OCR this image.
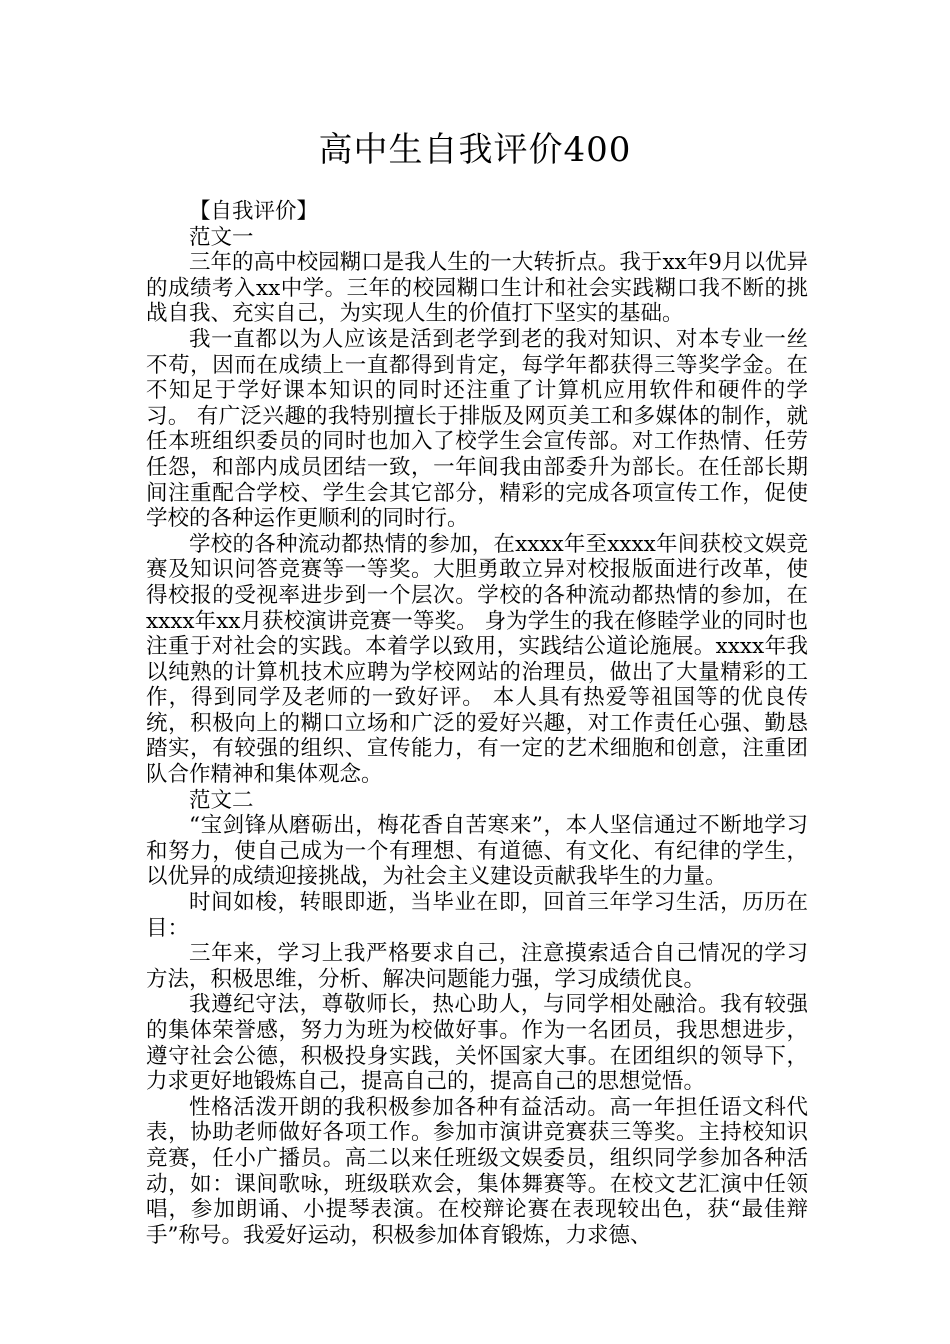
高中生自我评价400

【自我评价】

范文一

三年的高中校园糊口是我人生的一大转折点。我于xx年9月以优异的成绩考入xx中学。三年的校园糊口生计和社会实践糊口我不断的挑战自我、充实自己，为实现人生的价值打下坚实的基础。

我一直都以为人应该是活到老学到老的我对知识、对本专业一丝不苟，因而在成绩上一直都得到肯定，每学年都获得三等奖学金。在不知足于学好课本知识的同时还注重了计算机应用软件和硬件的学习。 有广泛兴趣的我特别擅长于排版及网页美工和多媒体的制作，就任本班组织委员的同时也加入了校学生会宣传部。对工作热情、任劳任怨，和部内成员团结一致，一年间我由部委升为部长。在任部长期间注重配合学校、学生会其它部分，精彩的完成各项宣传工作，促使学校的各种运作更顺利的同时行。

学校的各种流动都热情的参加，在xxxx年至xxxx年间获校文娱竞赛及知识问答竞赛等一等奖。大胆勇敢立异对校报版面进行改革，使得校报的受视率进步到一个层次。学校的各种流动都热情的参加，在xxxx年xx月获校演讲竞赛一等奖。 身为学生的我在修睦学业的同时也注重于对社会的实践。本着学以致用，实践结公道论施展。xxxx年我以纯熟的计算机技术应聘为学校网站的治理员，做出了大量精彩的工作，得到同学及老师的一致好评。 本人具有热爱等祖国等的优良传统，积极向上的糊口立场和广泛的爱好兴趣，对工作责任心强、勤恳踏实，有较强的组织、宣传能力，有一定的艺术细胞和创意，注重团队合作精神和集体观念。

范文二

“宝剑锋从磨砺出，梅花香自苦寒来”，本人坚信通过不断地学习和努力，使自己成为一个有理想、有道德、有文化、有纪律的学生，以优异的成绩迎接挑战，为社会主义建设贡献我毕生的力量。

时间如梭，转眼即逝，当毕业在即，回首三年学习生活，历历在目：

三年来，学习上我严格要求自己，注意摸索适合自己情况的学习方法，积极思维，分析、解决问题能力强，学习成绩优良。

我遵纪守法，尊敬师长，热心助人，与同学相处融洽。我有较强的集体荣誉感，努力为班为校做好事。作为一名团员，我思想进步，遵守社会公德，积极投身实践，关怀国家大事。在团组织的领导下，力求更好地锻炼自己，提高自己的，提高自己的思想觉悟。

性格活泼开朗的我积极参加各种有益活动。高一年担任语文科代表，协助老师做好各项工作。参加市演讲竞赛获三等奖。主持校知识竞赛，任小广播员。高二以来任班级文娱委员，组织同学参加各种活动，如：课间歌咏，班级联欢会，集体舞赛等。在校文艺汇演中任领唱，参加朗诵、小提琴表演。在校辩论赛在表现较出色，获“最佳辩手”称号。我爱好运动，积极参加体育锻炼，力求德、
